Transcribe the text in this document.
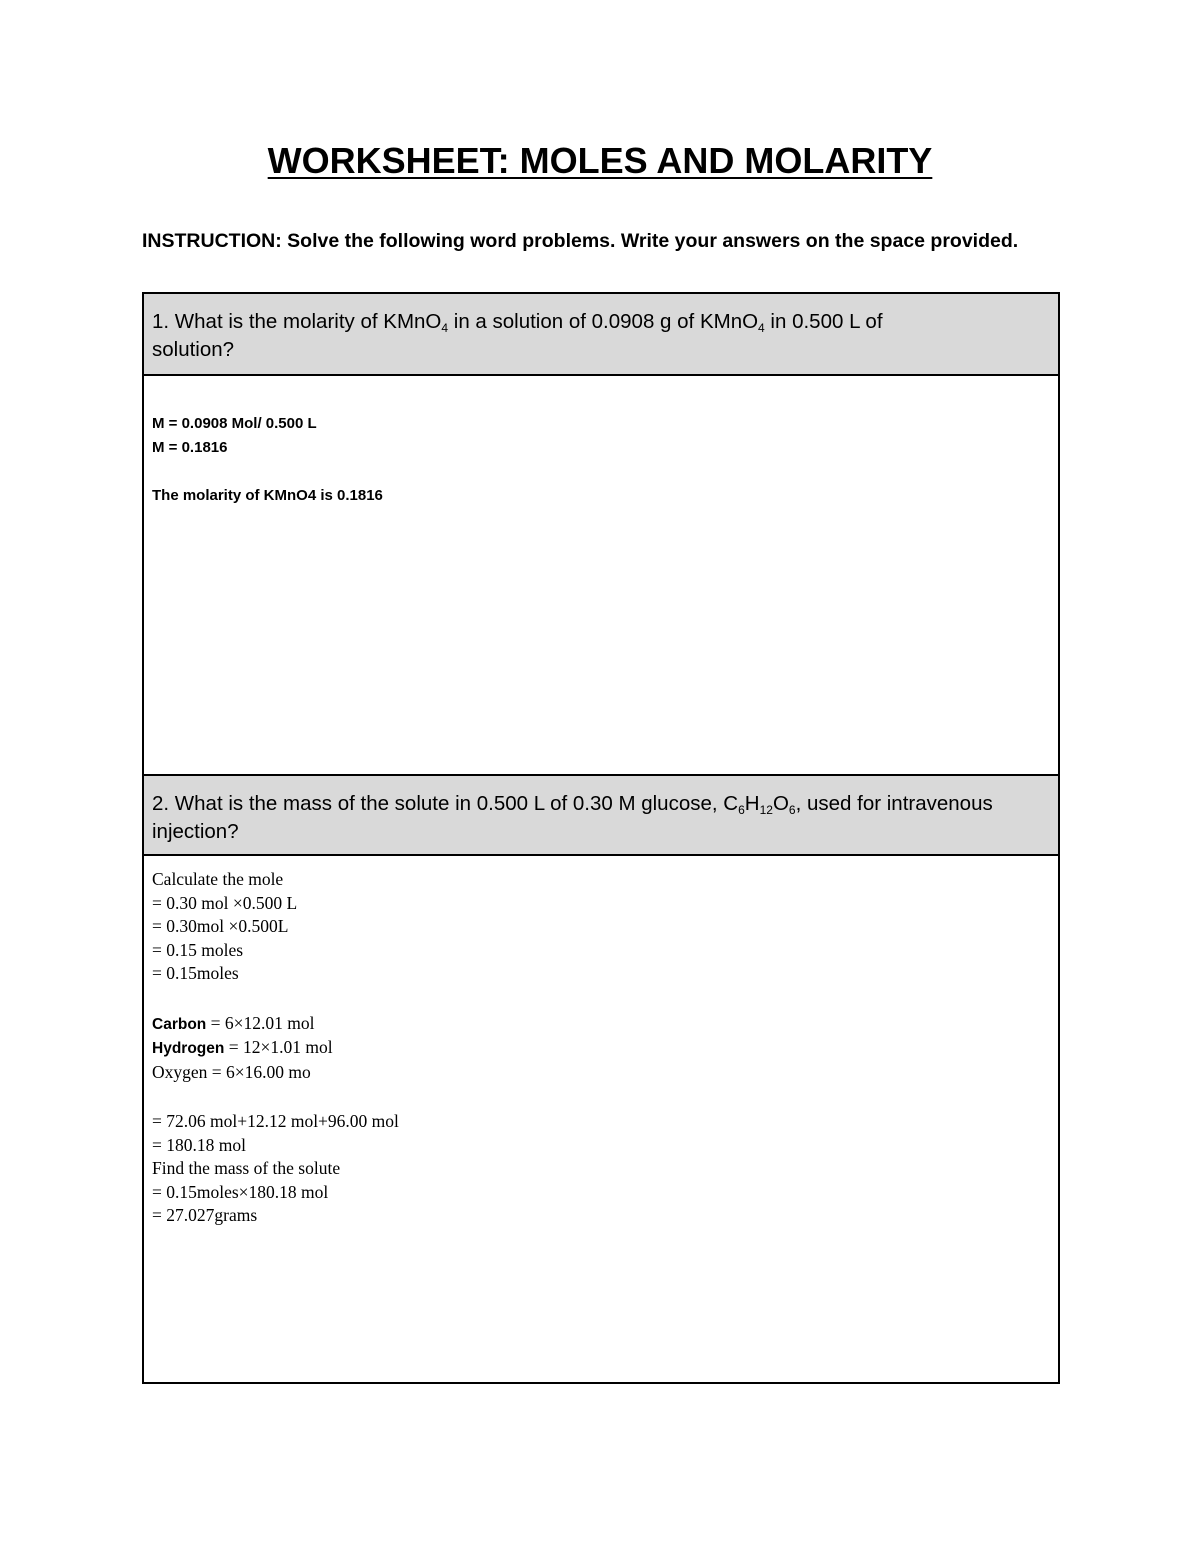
WORKSHEET: MOLES AND MOLARITY
INSTRUCTION: Solve the following word problems. Write your answers on the space provided.
1. What is the molarity of KMnO$_4$ in a solution of 0.0908 g of KMnO$_4$ in 0.500 L of
solution?
M = 0.0908 Mol/ 0.500 L
M = 0.1816
The molarity of KMnO4 is 0.1816
2. What is the mass of the solute in 0.500 L of 0.30 M glucose, $C_6H_{12}O_6$, used for intravenous
injection?
Calculate the mole
= 0.30 mol ×0.500 L
= 0.30mol ×0.500L
= 0.15 moles
= 0.15moles
Carbon = 6×12.01 mol
Hydrogen = 12×1.01 mol
Oxygen = 6×16.00 mo
= 72.06 mol+12.12 mol+96.00 mol
= 180.18 mol
Find the mass of the solute
= 0.15moles×180.18 mol
= 27.027grams
